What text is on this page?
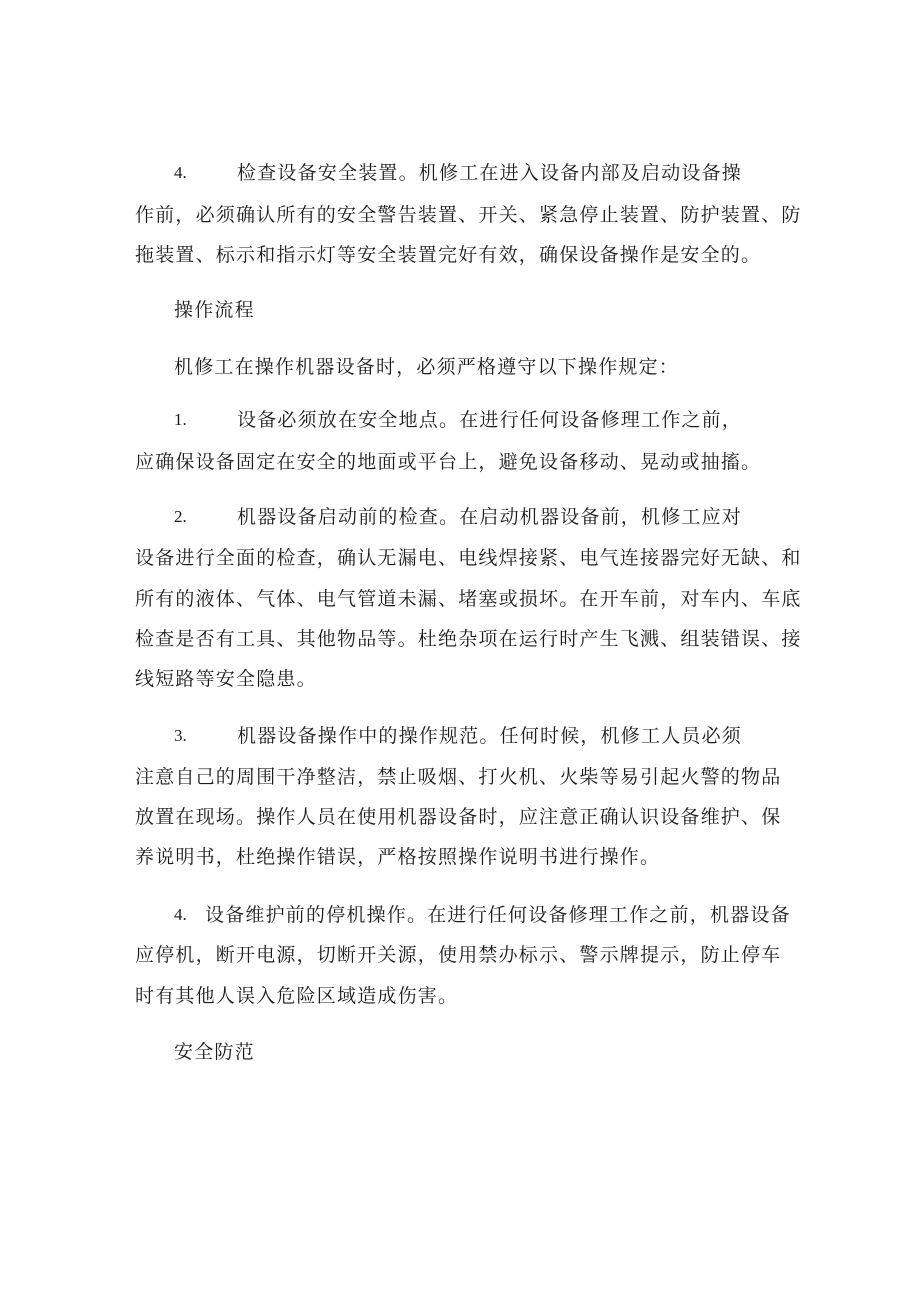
4.	检查设备安全装置。机修工在进入设备内部及启动设备操
作前，必须确认所有的安全警告装置、开关、紧急停止装置、防护装置、防
拖装置、标示和指示灯等安全装置完好有效，确保设备操作是安全的。
操作流程
机修工在操作机器设备时，必须严格遵守以下操作规定：
1.	设备必须放在安全地点。在进行任何设备修理工作之前，
应确保设备固定在安全的地面或平台上，避免设备移动、晃动或抽搐。
2.	机器设备启动前的检查。在启动机器设备前，机修工应对
设备进行全面的检查，确认无漏电、电线焊接紧、电气连接器完好无缺、和
所有的液体、气体、电气管道未漏、堵塞或损坏。在开车前，对车内、车底
检查是否有工具、其他物品等。杜绝杂项在运行时产生飞溅、组装错误、接
线短路等安全隐患。
3.	机器设备操作中的操作规范。任何时候，机修工人员必须
注意自己的周围干净整洁，禁止吸烟、打火机、火柴等易引起火警的物品
放置在现场。操作人员在使用机器设备时，应注意正确认识设备维护、保
养说明书，杜绝操作错误，严格按照操作说明书进行操作。
4. 设备维护前的停机操作。在进行任何设备修理工作之前，机器设备
应停机，断开电源，切断开关源，使用禁办标示、警示牌提示，防止停车
时有其他人误入危险区域造成伤害。
安全防范
